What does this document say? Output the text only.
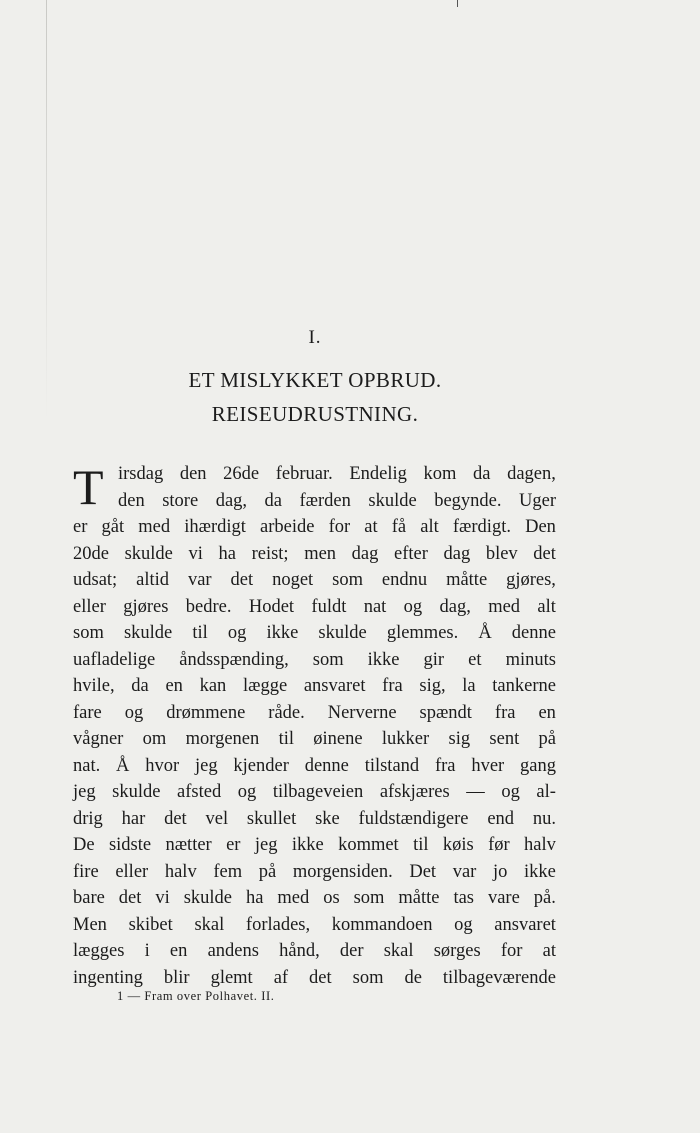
I.
ET MISLYKKET OPBRUD.
REISEUDRUSTNING.
T irsdag den 26de februar. Endelig kom da dagen,
den store dag, da færden skulde begynde. Uger
er gåt med ihærdigt arbeide for at få alt færdigt. Den
20de skulde vi ha reist; men dag efter dag blev det
udsat; altid var det noget som endnu måtte gjøres,
eller gjøres bedre. Hodet fuldt nat og dag, med alt
som skulde til og ikke skulde glemmes. Å denne
uafladelige åndsspænding, som ikke gir et minuts
hvile, da en kan lægge ansvaret fra sig, la tankerne
fare og drømmene råde. Nerverne spændt fra en
vågner om morgenen til øinene lukker sig sent på
nat. Å hvor jeg kjender denne tilstand fra hver gang
jeg skulde afsted og tilbageveien afskjæres — og al-
drig har det vel skullet ske fuldstændigere end nu.
De sidste nætter er jeg ikke kommet til køis før halv
fire eller halv fem på morgensiden. Det var jo ikke
bare det vi skulde ha med os som måtte tas vare på.
Men skibet skal forlades, kommandoen og ansvaret
lægges i en andens hånd, der skal sørges for at
ingenting blir glemt af det som de tilbageværende
1 — Fram over Polhavet. II.
